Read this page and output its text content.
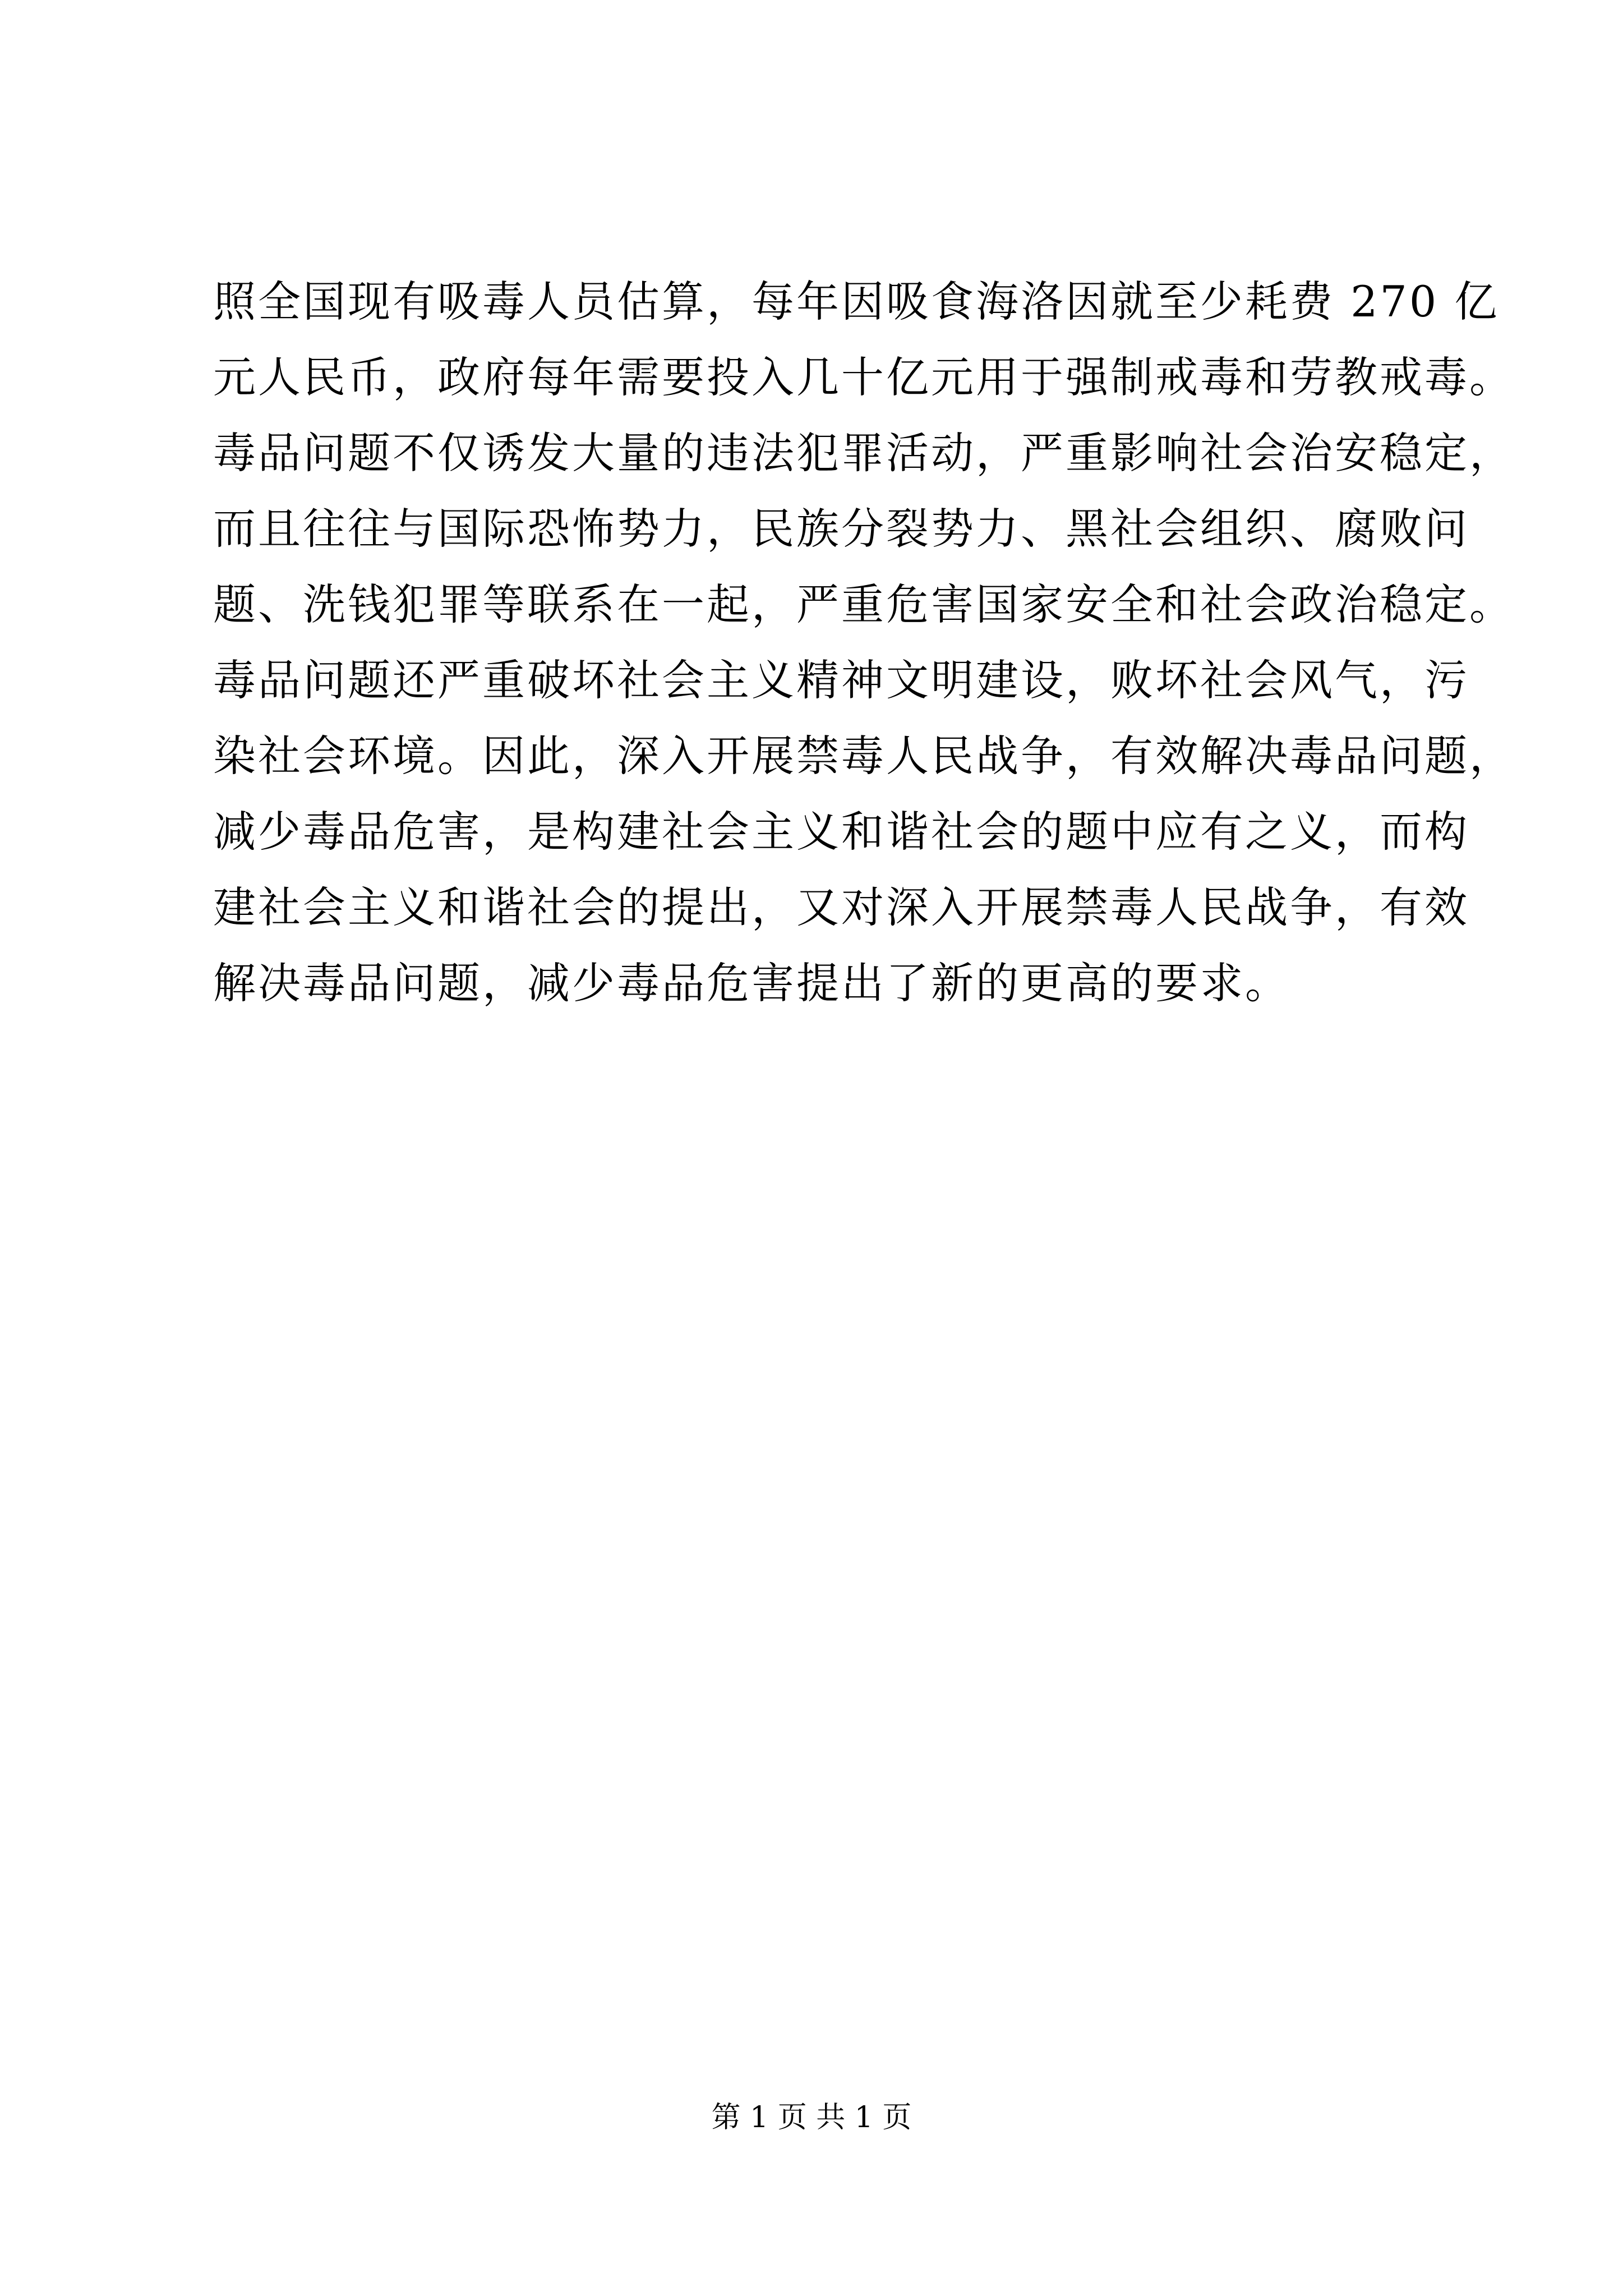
照全国现有吸毒人员估算，每年因吸食海洛因就至少耗费 270 亿
元人民币，政府每年需要投入几十亿元用于强制戒毒和劳教戒毒。
毒品问题不仅诱发大量的违法犯罪活动，严重影响社会治安稳定，
而且往往与国际恐怖势力，民族分裂势力、黑社会组织、腐败问
题、洗钱犯罪等联系在一起，严重危害国家安全和社会政治稳定。
毒品问题还严重破坏社会主义精神文明建设，败坏社会风气，污
染社会环境。因此，深入开展禁毒人民战争，有效解决毒品问题，
减少毒品危害，是构建社会主义和谐社会的题中应有之义，而构
建社会主义和谐社会的提出，又对深入开展禁毒人民战争，有效
解决毒品问题，减少毒品危害提出了新的更高的要求。
第 1 页 共 1 页
